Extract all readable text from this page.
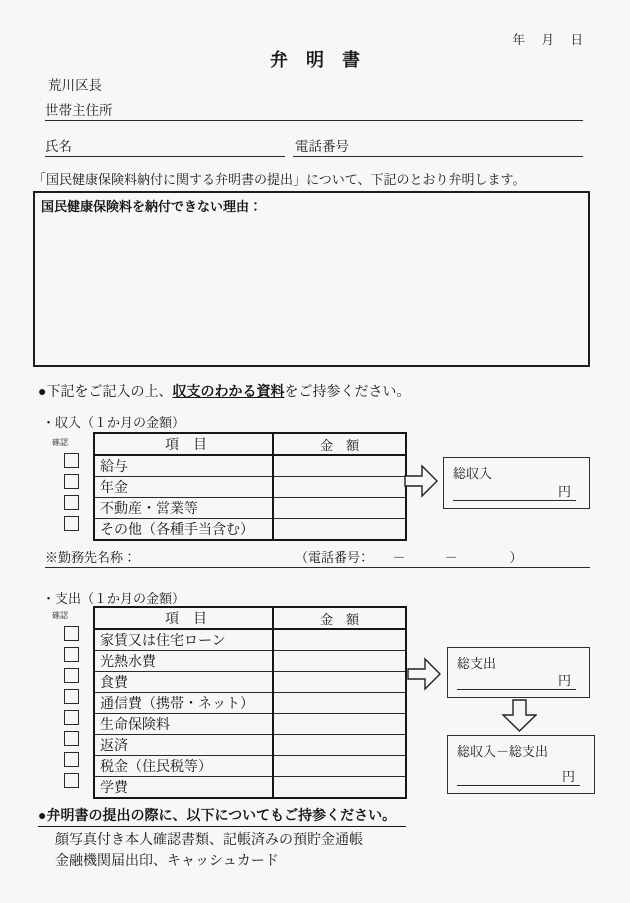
年　月　日
弁　明　書
荒川区長
世帯主住所
氏名	電話番号
「国民健康保険料納付に関する弁明書の提出」について、下記のとおり弁明します。
国民健康保険料を納付できない理由：
●下記をご記入の上、収支のわかる資料をご持参ください。
・収入（１か月の金額）
確認	項　目	金　額
給与	
年金	
不動産・営業等	
その他（各種手当含む）	
総収入
円
※勤務先名称：	（電話番号：　　－　　　－　　　　）
・支出（１か月の金額）
確認	項　目	金　額
家賃又は住宅ローン	
光熱水費	
食費	
通信費（携帯・ネット）	
生命保険料	
返済	
税金（住民税等）	
学費	
総支出
円
総収入－総支出
円
●弁明書の提出の際に、以下についてもご持参ください。
顔写真付き本人確認書類、記帳済みの預貯金通帳
金融機関届出印、キャッシュカード
